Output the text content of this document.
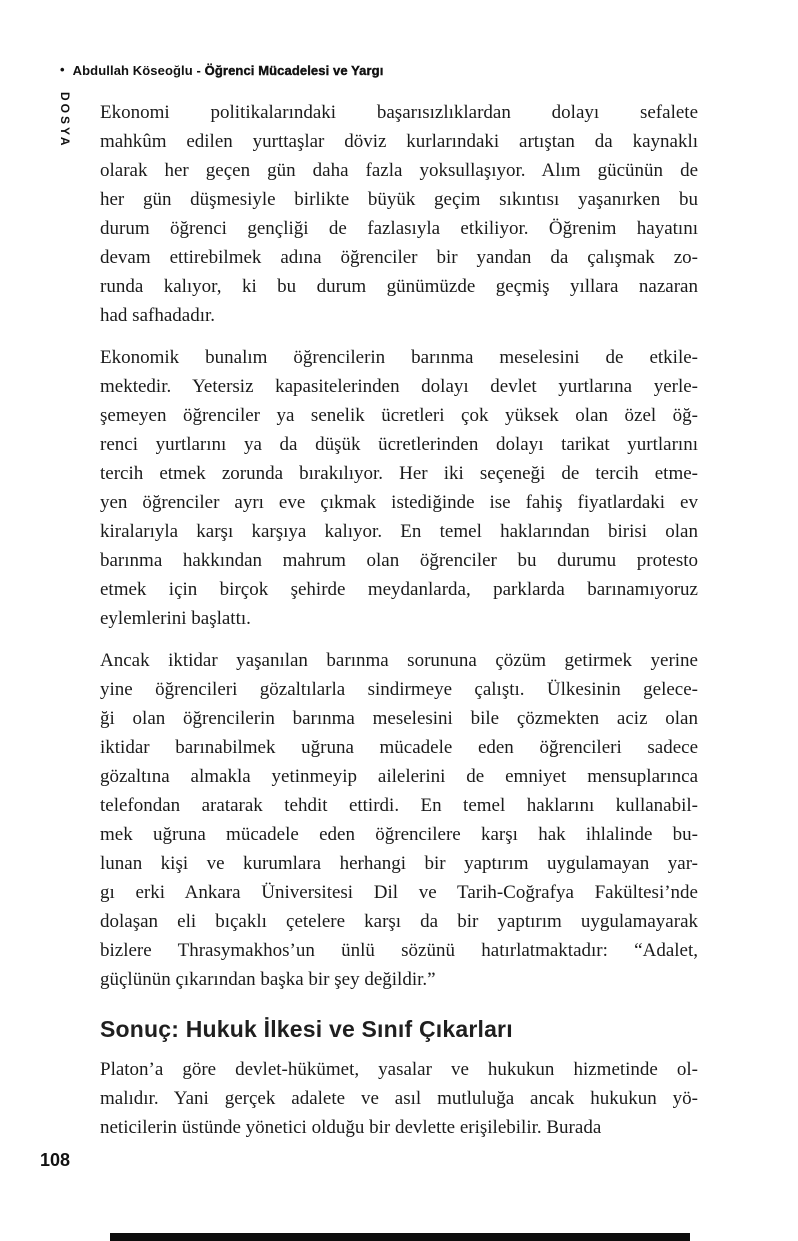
• Abdullah Köseoğlu - Öğrenci Mücadelesi ve Yargı
DOSYA Ekonomi politikalarındaki başarısızlıklardan dolayı sefalete
mahkûm edilen yurttaşlar döviz kurlarındaki artıştan da kaynaklı
olarak her geçen gün daha fazla yoksullaşıyor. Alım gücünün de
her gün düşmesiyle birlikte büyük geçim sıkıntısı yaşanırken bu
durum öğrenci gençliği de fazlasıyla etkiliyor. Öğrenim hayatını
devam ettirebilmek adına öğrenciler bir yandan da çalışmak zo-
runda kalıyor, ki bu durum günümüzde geçmiş yıllara nazaran
had safhadadır.
Ekonomik bunalım öğrencilerin barınma meselesini de etkile-
mektedir. Yetersiz kapasitelerinden dolayı devlet yurtlarına yerle-
şemeyen öğrenciler ya senelik ücretleri çok yüksek olan özel öğ-
renci yurtlarını ya da düşük ücretlerinden dolayı tarikat yurtlarını
tercih etmek zorunda bırakılıyor. Her iki seçeneği de tercih etme-
yen öğrenciler ayrı eve çıkmak istediğinde ise fahiş fiyatlardaki ev
kiralarıyla karşı karşıya kalıyor. En temel haklarından birisi olan
barınma hakkından mahrum olan öğrenciler bu durumu protesto
etmek için birçok şehirde meydanlarda, parklarda barınamıyoruz
eylemlerini başlattı.
Ancak iktidar yaşanılan barınma sorununa çözüm getirmek yerine
yine öğrencileri gözaltılarla sindirmeye çalıştı. Ülkesinin gelece-
ği olan öğrencilerin barınma meselesini bile çözmekten aciz olan
iktidar barınabilmek uğruna mücadele eden öğrencileri sadece
gözaltına almakla yetinmeyip ailelerini de emniyet mensuplarınca
telefondan aratarak tehdit ettirdi. En temel haklarını kullanabil-
mek uğruna mücadele eden öğrencilere karşı hak ihlalinde bu-
lunan kişi ve kurumlara herhangi bir yaptırım uygulamayan yar-
gı erki Ankara Üniversitesi Dil ve Tarih-Coğrafya Fakültesi’nde
dolaşan eli bıçaklı çetelere karşı da bir yaptırım uygulamayarak
bizlere Thrasymakhos’un ünlü sözünü hatırlatmaktadır: “Adalet,
güçlünün çıkarından başka bir şey değildir.”
Sonuç: Hukuk İlkesi ve Sınıf Çıkarları
Platon’a göre devlet-hükümet, yasalar ve hukukun hizmetinde ol-
malıdır. Yani gerçek adalete ve asıl mutluluğa ancak hukukun yö-
neticilerin üstünde yönetici olduğu bir devlette erişilebilir. Burada
108
